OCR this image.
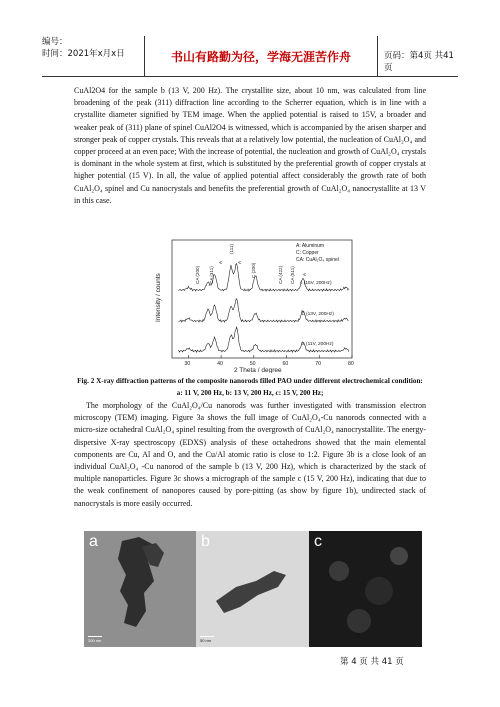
编号：
时间：2021年x月x日	书山有路勤为径，学海无涯苦作舟	页码：第4页 共41页
CuAl2O4 for the sample b (13 V, 200 Hz). The crystallite size, about 10 nm, was calculated from line broadening of the peak (311) diffraction line according to the Scherrer equation, which is in line with a crystallite diameter signified by TEM image. When the applied potential is raised to 15V, a broader and weaker peak of (311) plane of spinel CuAl2O4 is witnessed, which is accompanied by the arisen sharper and stronger peak of copper crystals. This reveals that at a relatively low potential, the nucleation of CuAl₂O₄ and copper proceed at an even pace; With the increase of potential, the nucleation and growth of CuAl₂O₄ crystals is dominant in the whole system at first, which is substituted by the preferential growth of copper crystals at higher potential (15 V). In all, the value of applied potential affect considerably the growth rate of both CuAl₂O₄ spinel and Cu nanocrystals and benefits the preferential growth of CuAl₂O₄ nanocrystallite at 13 V in this case.
A: Aluminum
C: Copper
CA: CuAl₂O₄ spinel
c (15V, 200Hz)
b (13V, 200Hz)
a (11V, 200Hz)
CA (200) CA (311)
A
(111)
A
C (200)	CA (422) CA (511) A
Intensity / counts
30	40	50	60	70	80
2 Theta / degree
Fig. 2 X-ray diffraction patterns of the composite nanorods filled PAO under different electrochemical condition: a: 11 V, 200 Hz, b: 13 V, 200 Hz, c: 15 V, 200 Hz;
The morphology of the CuAl₂O₄/Cu nanorods was further investigated with transmission electron microscopy (TEM) imaging. Figure 3a shows the full image of CuAl₂O₄-Cu nanorods connected with a micro-size octahedral CuAl₂O₄ spinel resulting from the overgrowth of CuAl₂O₄ nanocrystallite. The energy-dispersive X-ray spectroscopy (EDXS) analysis of these octahedrons showed that the main elemental components are Cu, Al and O, and the Cu/Al atomic ratio is close to 1:2. Figure 3b is a close look of an individual CuAl₂O₄ -Cu nanorod of the sample b (13 V, 200 Hz), which is characterized by the stack of multiple nanoparticles. Figure 3c shows a micrograph of the sample c (15 V, 200 Hz), indicating that due to the weak confinement of nanopores caused by pore-pitting (as show by figure 1b), undirected stack of nanocrystals is more easily occurred.
a
200 nm
b
50 nm
c
第 4 页 共 41 页
